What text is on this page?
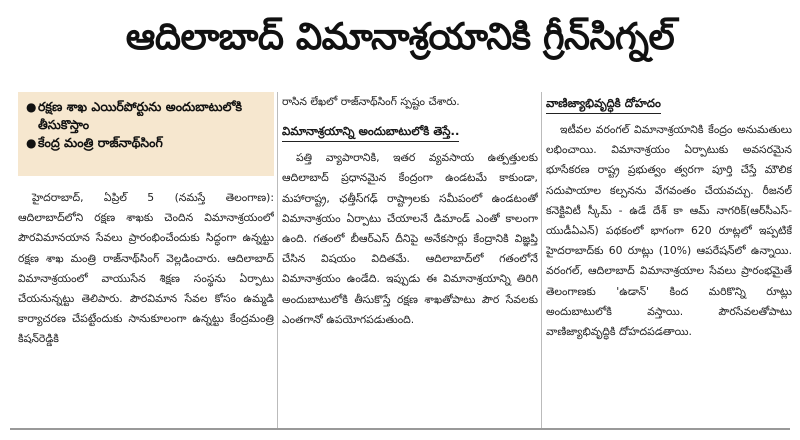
ఆదిలాబాద్ విమానాశ్రయానికి గ్రీన్‌సిగ్నల్
● రక్షణ శాఖ ఎయిర్‌పోర్టును అందుబాటులోకి తీసుకొస్తాం
● కేంద్ర మంత్రి రాజ్‌నాథ్‌సింగ్

హైదరాబాద్, ఏప్రిల్ 5 (నమస్తే తెలంగాణ): ఆదిలాబాద్‌లోని రక్షణ శాఖకు చెందిన విమానాశ్రయంలో పౌరవిమానయాన సేవలు ప్రారంభించేందుకు సిద్ధంగా ఉన్నట్టు రక్షణ శాఖ మంత్రి రాజ్‌నాథ్‌సింగ్ వెల్లడించారు. ఆదిలాబాద్ విమానాశ్రయంలో వాయుసేన శిక్షణ సంస్థను ఏర్పాటు చేయనున్నట్టు తెలిపారు. పౌరవిమాన సేవల కోసం ఉమ్మడి కార్యాచరణ చేపట్టేందుకు సానుకూలంగా ఉన్నట్టు కేంద్రమంత్రి కిషన్‌రెడ్డికి

రాసిన లేఖలో రాజ్‌నాథ్‌సింగ్ స్పష్టం చేశారు.

విమానాశ్రయాన్ని అందుబాటులోకి తెస్తే..

పత్తి వ్యాపారానికి, ఇతర వ్యవసాయ ఉత్పత్తులకు ఆదిలాబాద్ ప్రధానమైన కేంద్రంగా ఉండటమే కాకుండా, మహారాష్ట్ర, ఛత్తీస్‌గఢ్ రాష్ట్రాలకు సమీపంలో ఉండటంతో విమానాశ్రయం ఏర్పాటు చేయాలనే డిమాండ్ ఎంతో కాలంగా ఉంది. గతంలో బీఆర్‌ఎస్ దీనిపై అనేకసార్లు కేంద్రానికి విజ్ఞప్తి చేసిన విషయం విదితమే. ఆదిలాబాద్‌లో గతంలోనే విమానాశ్రయం ఉండేది. ఇప్పుడు ఈ విమానాశ్రయాన్ని తిరిగి అందుబాటులోకి తీసుకొస్తే రక్షణ శాఖతోపాటు పౌర సేవలకు ఎంతగానో ఉపయోగపడుతుంది.

వాణిజ్యాభివృద్ధికి దోహదం

ఇటీవల వరంగల్ విమానాశ్రయానికి కేంద్రం అనుమతులు లభించాయి. విమానాశ్రయం ఏర్పాటుకు అవసరమైన భూసేకరణ రాష్ట్ర ప్రభుత్వం త్వరగా పూర్తి చేస్తే మౌలిక సదుపాయాల కల్పనను వేగవంతం చేయవచ్చు. రీజనల్ కనెక్టివిటీ స్కీమ్ - ఉడే దేశ్ కా ఆమ్ నాగరిక్(ఆర్‌సీఎస్-యుడీఏఎన్) పథకంలో భాగంగా 620 రూట్లలో ఇప్పటికే హైదరాబాద్‌కు 60 రూట్లు (10%) ఆపరేషన్‌లో ఉన్నాయి. వరంగల్, ఆదిలాబాద్ విమానాశ్రయాల సేవలు ప్రారంభమైతే తెలంగాణకు 'ఉడాన్' కింద మరికొన్ని రూట్లు అందుబాటులోకి వస్తాయి. పౌరసేవలతోపాటు వాణిజ్యాభివృద్ధికి దోహదపడతాయి.
